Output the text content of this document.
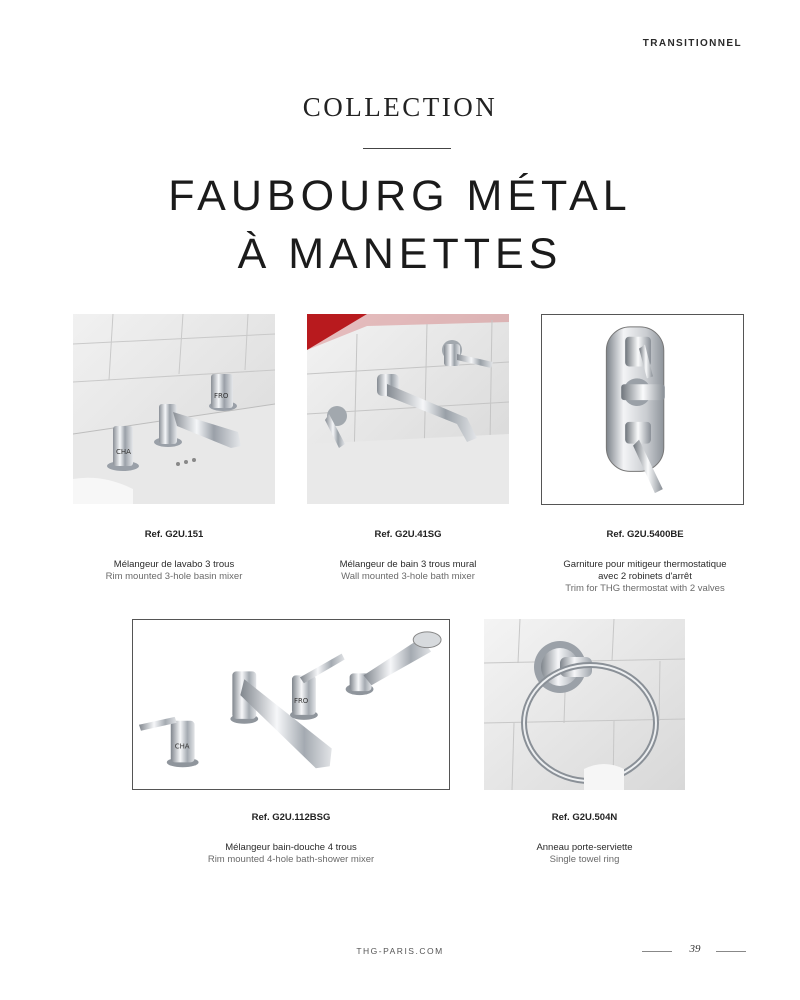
TRANSITIONNEL
COLLECTION
FAUBOURG MÉTAL
À MANETTES
CHA
FRO
Ref. G2U.151
Mélangeur de lavabo 3 trous
Rim mounted 3-hole basin mixer
Ref. G2U.41SG
Mélangeur de bain 3 trous mural
Wall mounted 3-hole bath mixer
Ref. G2U.5400BE
Garniture pour mitigeur thermostatique
avec 2 robinets d'arrêt
Trim for THG thermostat with 2 valves
CHA
FRO
Ref. G2U.112BSG
Mélangeur bain-douche 4 trous
Rim mounted 4-hole bath-shower mixer
Ref. G2U.504N
Anneau porte-serviette
Single towel ring
THG-PARIS.COM	39
